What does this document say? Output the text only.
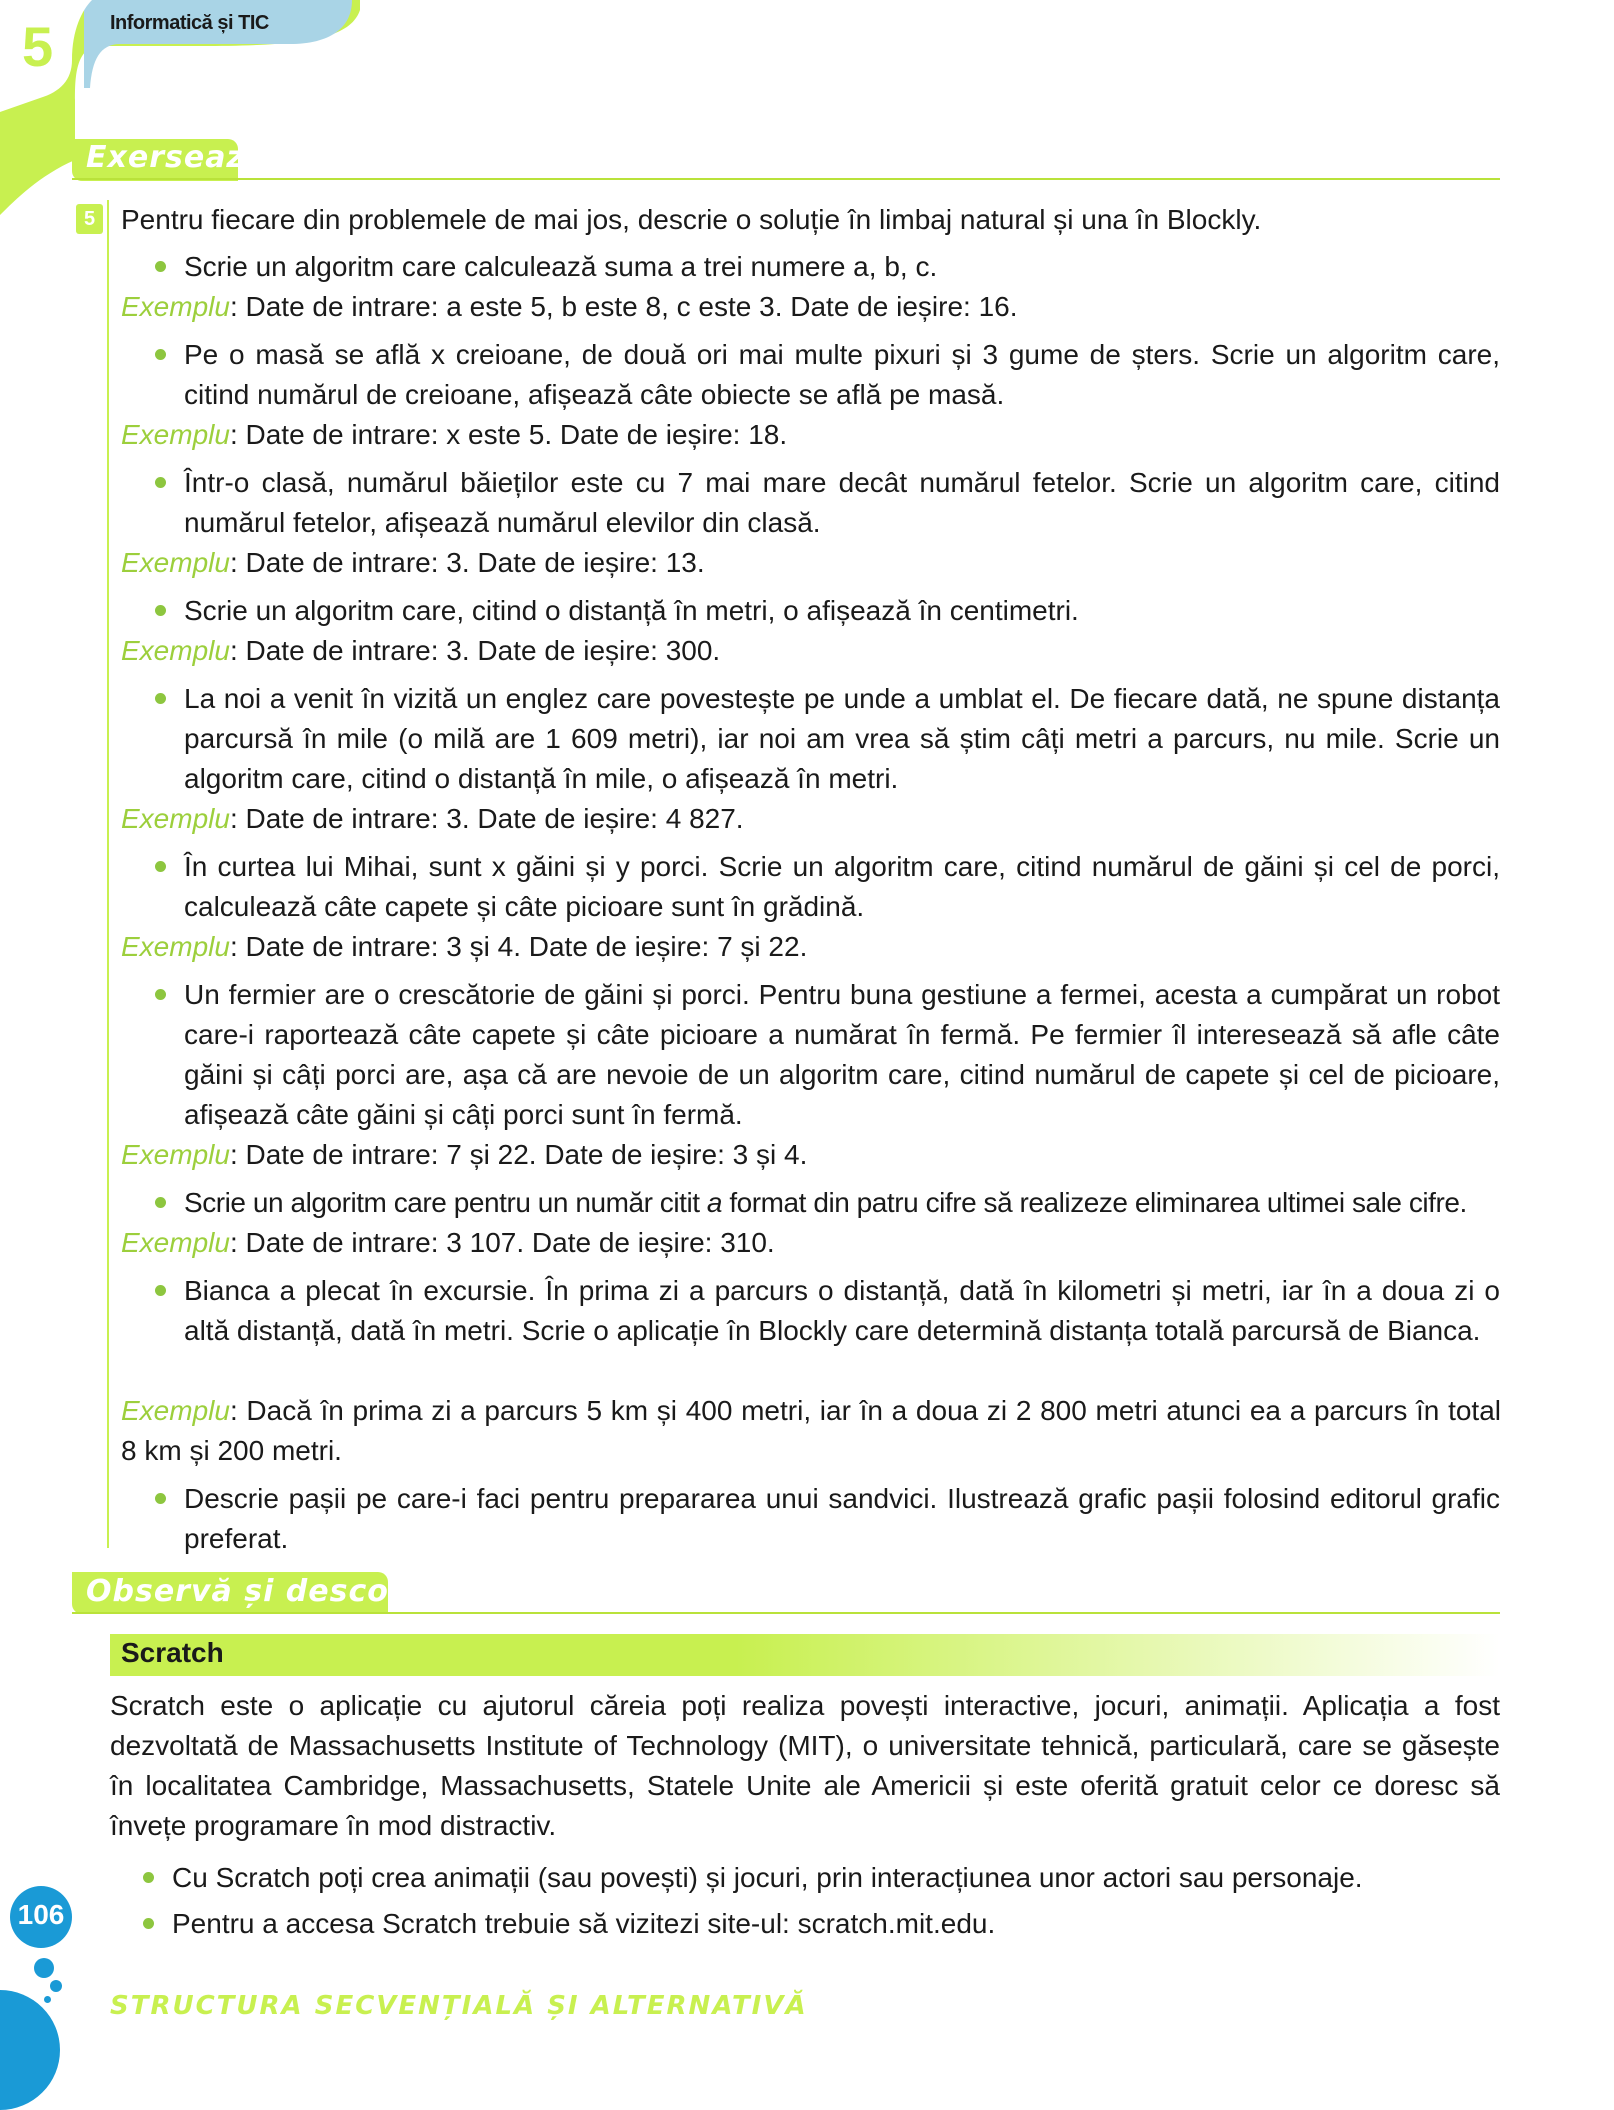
5	Informatică și TIC
Exersează!
5 Pentru fiecare din problemele de mai jos, descrie o soluție în limbaj natural și una în Blockly.
Scrie un algoritm care calculează suma a trei numere a, b, c.
Exemplu: Date de intrare: a este 5, b este 8, c este 3. Date de ieșire: 16.
Pe o masă se află x creioane, de două ori mai multe pixuri și 3 gume de șters. Scrie un algoritm care, citind numărul de creioane, afișează câte obiecte se află pe masă.
Exemplu: Date de intrare: x este 5. Date de ieșire: 18.
Într-o clasă, numărul băieților este cu 7 mai mare decât numărul fetelor. Scrie un algoritm care, citind numărul fetelor, afișează numărul elevilor din clasă.
Exemplu: Date de intrare: 3. Date de ieșire: 13.
Scrie un algoritm care, citind o distanță în metri, o afișează în centimetri.
Exemplu: Date de intrare: 3. Date de ieșire: 300.
La noi a venit în vizită un englez care povestește pe unde a umblat el. De fiecare dată, ne spune distanța parcursă în mile (o milă are 1 609 metri), iar noi am vrea să știm câți metri a parcurs, nu mile. Scrie un algoritm care, citind o distanță în mile, o afișează în metri.
Exemplu: Date de intrare: 3. Date de ieșire: 4 827.
În curtea lui Mihai, sunt x găini și y porci. Scrie un algoritm care, citind numărul de găini și cel de porci, calculează câte capete și câte picioare sunt în grădină.
Exemplu: Date de intrare: 3 și 4. Date de ieșire: 7 și 22.
Un fermier are o crescătorie de găini și porci. Pentru buna gestiune a fermei, acesta a cumpărat un robot care-i raportează câte capete și câte picioare a numărat în fermă. Pe fermier îl interesează să afle câte găini și câți porci are, așa că are nevoie de un algoritm care, citind numărul de capete și cel de picioare, afișează câte găini și câți porci sunt în fermă.
Exemplu: Date de intrare: 7 și 22. Date de ieșire: 3 și 4.
Scrie un algoritm care pentru un număr citit a format din patru cifre să realizeze eliminarea ultimei sale cifre.
Exemplu: Date de intrare: 3 107. Date de ieșire: 310.
Bianca a plecat în excursie. În prima zi a parcurs o distanță, dată în kilometri și metri, iar în a doua zi o altă distanță, dată în metri. Scrie o aplicație în Blockly care determină distanța totală parcursă de Bianca.
Exemplu: Dacă în prima zi a parcurs 5 km și 400 metri, iar în a doua zi 2 800 metri atunci ea a parcurs în total 8 km și 200 metri.
Descrie pașii pe care-i faci pentru prepararea unui sandvici. Ilustrează grafic pașii folosind editorul grafic preferat.
Observă și descoperă!
Scratch
Scratch este o aplicație cu ajutorul căreia poți realiza povești interactive, jocuri, animații. Aplicația a fost dezvoltată de Massachusetts Institute of Technology (MIT), o universitate tehnică, particulară, care se găsește în localitatea Cambridge, Massachusetts, Statele Unite ale Americii și este oferită gratuit celor ce doresc să învețe programare în mod distractiv.
Cu Scratch poți crea animații (sau povești) și jocuri, prin interacțiunea unor actori sau personaje.
Pentru a accesa Scratch trebuie să vizitezi site-ul: scratch.mit.edu.
106
STRUCTURA SECVENȚIALĂ ȘI ALTERNATIVĂ
